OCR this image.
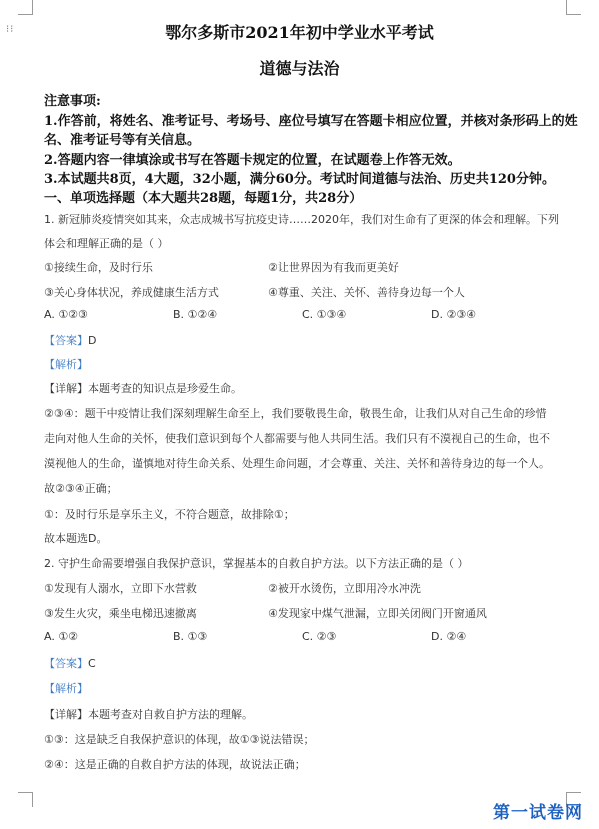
⁝⁝	鄂尔多斯市2021年初中学业水平考试
道德与法治
注意事项:
1.作答前，将姓名、准考证号、考场号、座位号填写在答题卡相应位置，并核对条形码上的姓
名、准考证号等有关信息。
2.答题内容一律填涂或书写在答题卡规定的位置，在试题卷上作答无效。
3.本试题共8页，4大题，32小题，满分60分。考试时间道德与法治、历史共120分钟。
一、单项选择题（本大题共28题，每题1分，共28分）
1. 新冠肺炎疫情突如其来，众志成城书写抗疫史诗……2020年，我们对生命有了更深的体会和理解。下列
体会和理解正确的是（ ）
①接续生命，及时行乐	②让世界因为有我而更美好
③关心身体状况，养成健康生活方式	④尊重、关注、关怀、善待身边每一个人
A. ①②③	B. ①②④	C. ①③④	D. ②③④
【答案】D
【解析】
【详解】本题考查的知识点是珍爱生命。
②③④：题干中疫情让我们深刻理解生命至上，我们要敬畏生命，敬畏生命，让我们从对自己生命的珍惜
走向对他人生命的关怀，使我们意识到每个人都需要与他人共同生活。我们只有不漠视自己的生命，也不
漠视他人的生命，谨慎地对待生命关系、处理生命问题，才会尊重、关注、关怀和善待身边的每一个人。
故②③④正确；
①：及时行乐是享乐主义，不符合题意，故排除①；
故本题选D。
2. 守护生命需要增强自我保护意识，掌握基本的自救自护方法。以下方法正确的是（ ）
①发现有人溺水，立即下水营救	②被开水烫伤，立即用冷水冲洗
③发生火灾，乘坐电梯迅速撤离	④发现家中煤气泄漏，立即关闭阀门开窗通风
A. ①②	B. ①③	C. ②③	D. ②④
【答案】C
【解析】
【详解】本题考查对自救自护方法的理解。
①③：这是缺乏自我保护意识的体现，故①③说法错误；
②④：这是正确的自救自护方法的体现，故说法正确；
第一试卷网
